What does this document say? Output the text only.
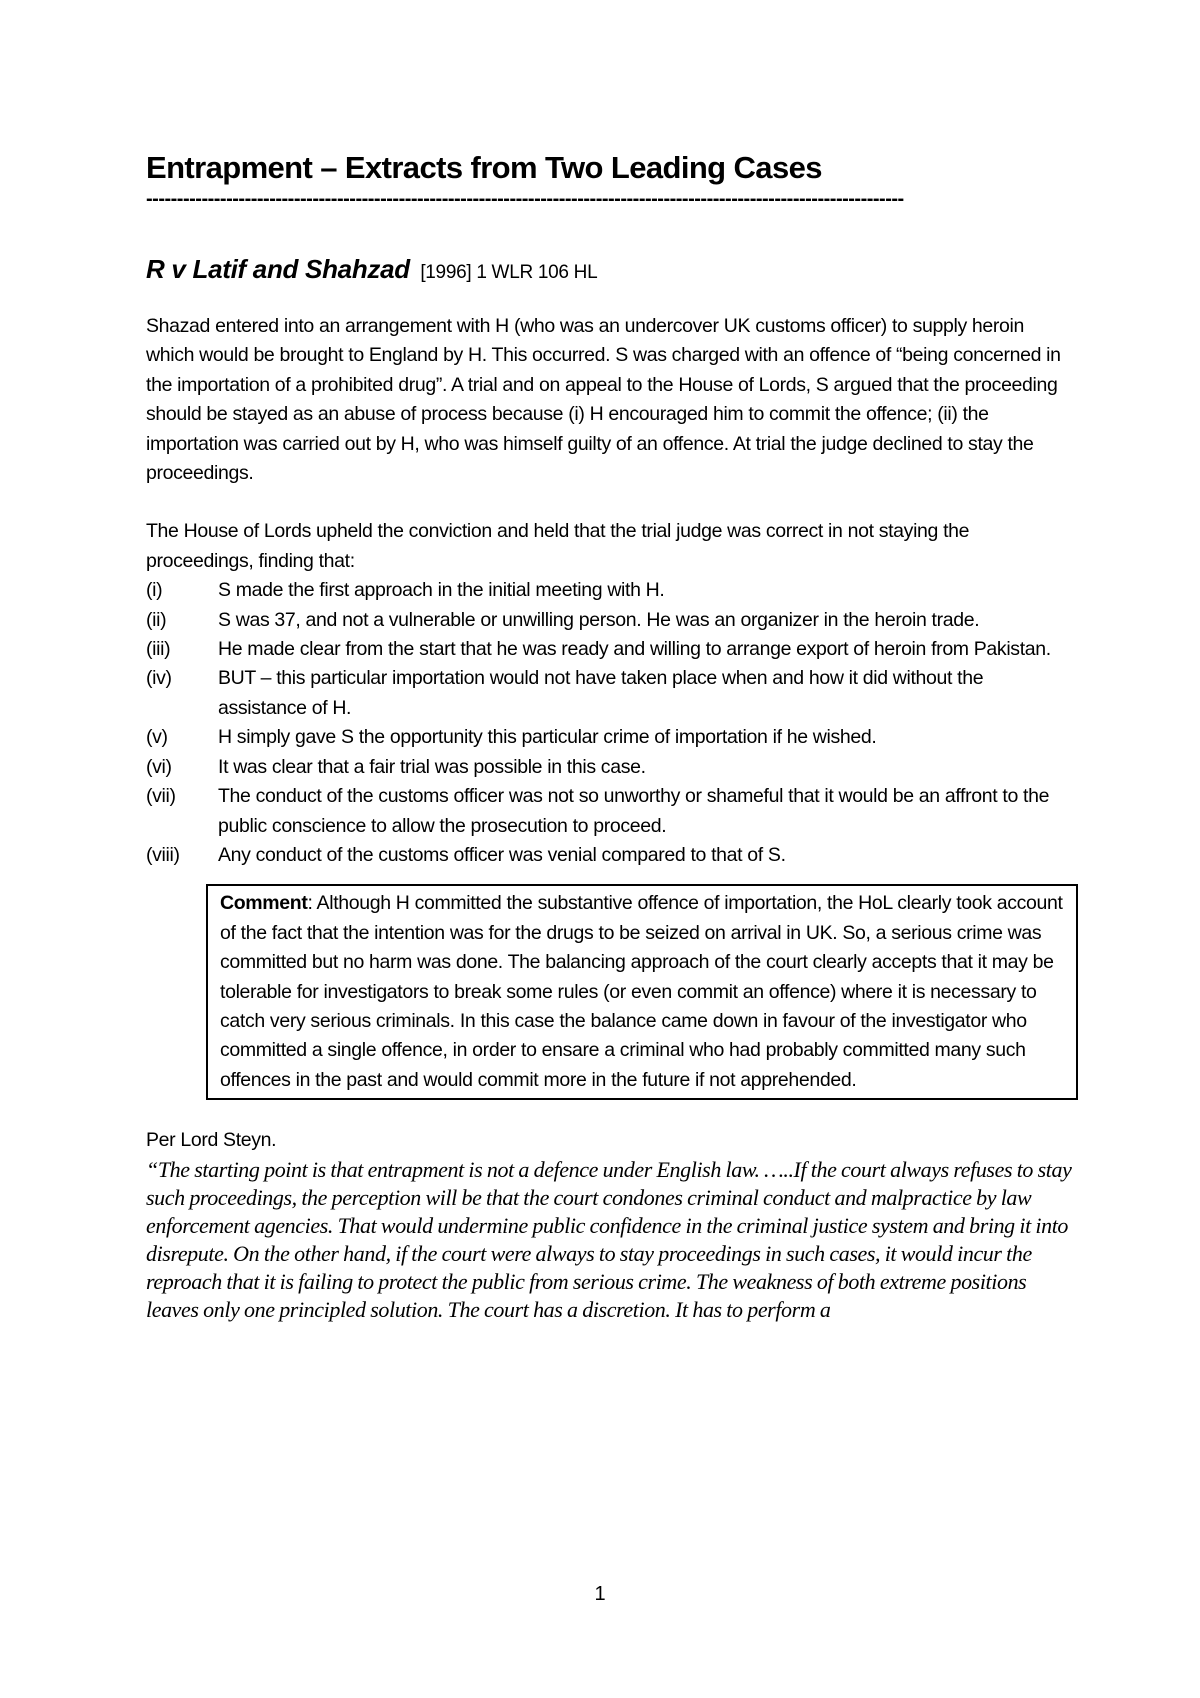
Entrapment – Extracts from Two Leading Cases
---------------------------------------------------------------------------------------------------------------------------
R v Latif and Shahzad [1996] 1 WLR 106 HL

Shazad entered into an arrangement with H (who was an undercover UK customs officer) to supply heroin which would be brought to England by H. This occurred. S was charged with an offence of “being concerned in the importation of a prohibited drug”. A trial and on appeal to the House of Lords, S argued that the proceeding should be stayed as an abuse of process because (i) H encouraged him to commit the offence; (ii) the importation was carried out by H, who was himself guilty of an offence. At trial the judge declined to stay the proceedings.

The House of Lords upheld the conviction and held that the trial judge was correct in not staying the proceedings, finding that:

(i)	S made the first approach in the initial meeting with H.
(ii)	S was 37, and not a vulnerable or unwilling person. He was an organizer in the heroin trade.
(iii)	He made clear from the start that he was ready and willing to arrange export of heroin from Pakistan.
(iv)	BUT – this particular importation would not have taken place when and how it did without the assistance of H.
(v)	H simply gave S the opportunity this particular crime of importation if he wished.
(vi)	It was clear that a fair trial was possible in this case.
(vii)	The conduct of the customs officer was not so unworthy or shameful that it would be an affront to the public conscience to allow the prosecution to proceed.
(viii)	Any conduct of the customs officer was venial compared to that of S.
Comment: Although H committed the substantive offence of importation, the HoL clearly took account of the fact that the intention was for the drugs to be seized on arrival in UK. So, a serious crime was committed but no harm was done. The balancing approach of the court clearly accepts that it may be tolerable for investigators to break some rules (or even commit an offence) where it is necessary to catch very serious criminals. In this case the balance came down in favour of the investigator who committed a single offence, in order to ensare a criminal who had probably committed many such offences in the past and would commit more in the future if not apprehended.
Per Lord Steyn.

“The starting point is that entrapment is not a defence under English law. …..If the court always refuses to stay such proceedings, the perception will be that the court condones criminal conduct and malpractice by law enforcement agencies. That would undermine public confidence in the criminal justice system and bring it into disrepute. On the other hand, if the court were always to stay proceedings in such cases, it would incur the reproach that it is failing to protect the public from serious crime. The weakness of both extreme positions leaves only one principled solution. The court has a discretion. It has to perform a

1
